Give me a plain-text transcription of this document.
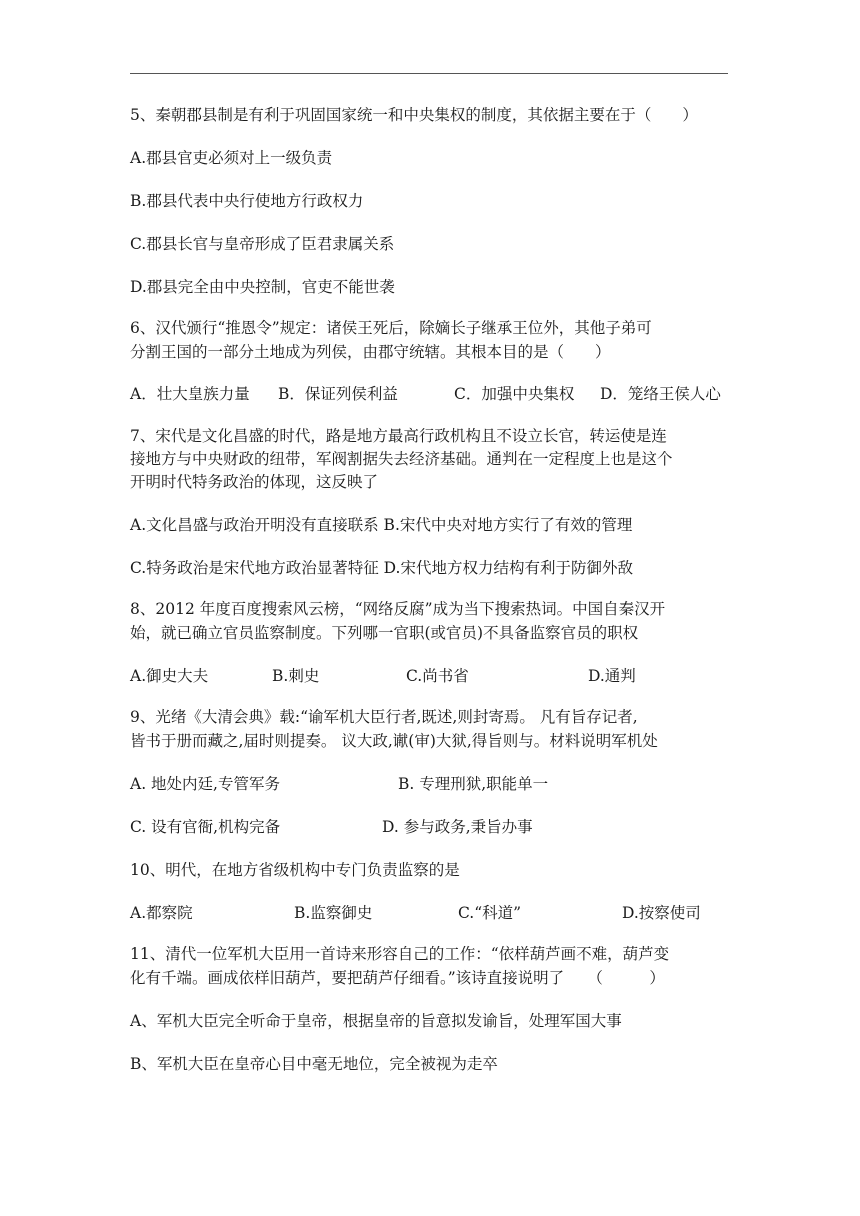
5、秦朝郡县制是有利于巩固国家统一和中央集权的制度，其依据主要在于（　　）
A.郡县官吏必须对上一级负责
B.郡县代表中央行使地方行政权力
C.郡县长官与皇帝形成了臣君隶属关系
D.郡县完全由中央控制，官吏不能世袭
6、汉代颁行“推恩令”规定：诸侯王死后，除嫡长子继承王位外，其他子弟可
分割王国的一部分土地成为列侯，由郡守统辖。其根本目的是（　　）
A．壮大皇族力量 B．保证列侯利益	C．加强中央集权 D．笼络王侯人心
7、宋代是文化昌盛的时代，路是地方最高行政机构且不设立长官，转运使是连
接地方与中央财政的纽带，军阀割据失去经济基础。通判在一定程度上也是这个
开明时代特务政治的体现，这反映了
A.文化昌盛与政治开明没有直接联系 B.宋代中央对地方实行了有效的管理
C.特务政治是宋代地方政治显著特征 D.宋代地方权力结构有利于防御外敌
8、2012 年度百度搜索风云榜，“网络反腐”成为当下搜索热词。中国自秦汉开
始，就已确立官员监察制度。下列哪一官职(或官员)不具备监察官员的职权
A.御史大夫	B.刺史	C.尚书省	D.通判
9、光绪《大清会典》载:“谕军机大臣行者,既述,则封寄焉。 凡有旨存记者,
皆书于册而藏之,届时则提奏。 议大政,谳(审)大狱,得旨则与。材料说明军机处
A. 地处内廷,专管军务	B. 专理刑狱,职能单一
C. 设有官衙,机构完备	D. 参与政务,秉旨办事
10、明代，在地方省级机构中专门负责监察的是
A.都察院	B.监察御史	C.“科道”	D.按察使司
11、清代一位军机大臣用一首诗来形容自己的工作：“依样葫芦画不难，葫芦变
化有千端。画成依样旧葫芦，要把葫芦仔细看。”该诗直接说明了　　（　　　）
A、军机大臣完全听命于皇帝，根据皇帝的旨意拟发谕旨，处理军国大事
B、军机大臣在皇帝心目中毫无地位，完全被视为走卒
